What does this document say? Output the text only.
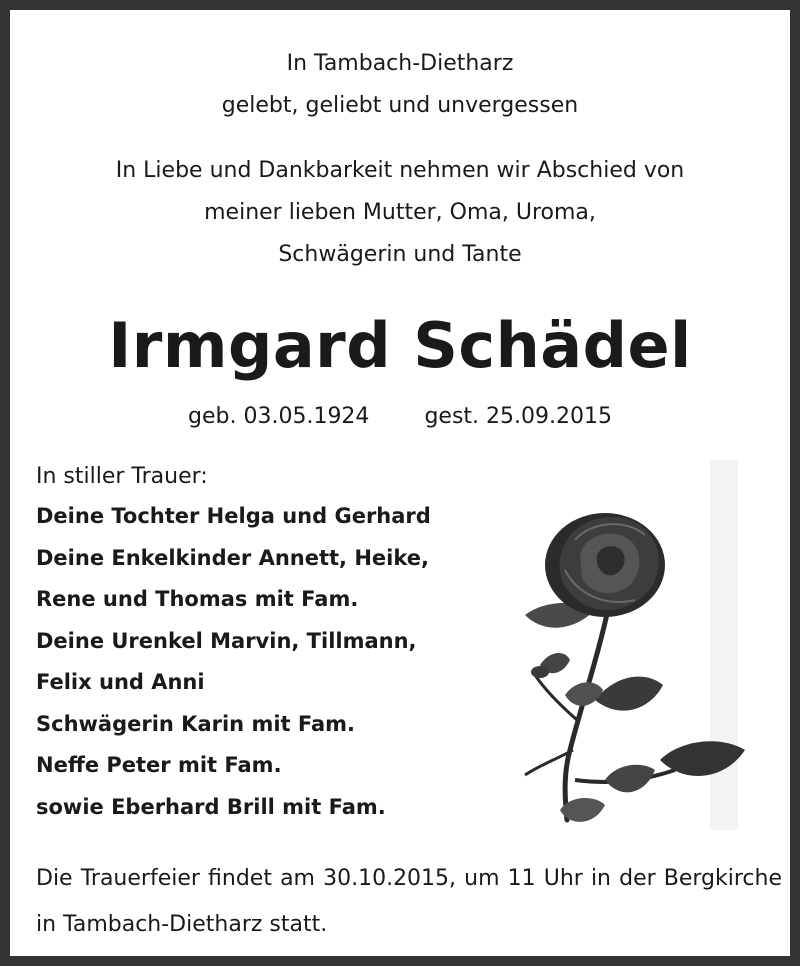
In Tambach-Dietharz
gelebt, geliebt und unvergessen
In Liebe und Dankbarkeit nehmen wir Abschied von
meiner lieben Mutter, Oma, Uroma,
Schwägerin und Tante
Irmgard Schädel
geb. 03.05.1924	gest. 25.09.2015
In stiller Trauer:
Deine Tochter Helga und Gerhard
Deine Enkelkinder Annett, Heike,
Rene und Thomas mit Fam.
Deine Urenkel Marvin, Tillmann,
Felix und Anni
Schwägerin Karin mit Fam.
Neffe Peter mit Fam.
sowie Eberhard Brill mit Fam.
Die Trauerfeier findet am 30.10.2015, um 11 Uhr in der Bergkirche in Tambach-Dietharz statt.
